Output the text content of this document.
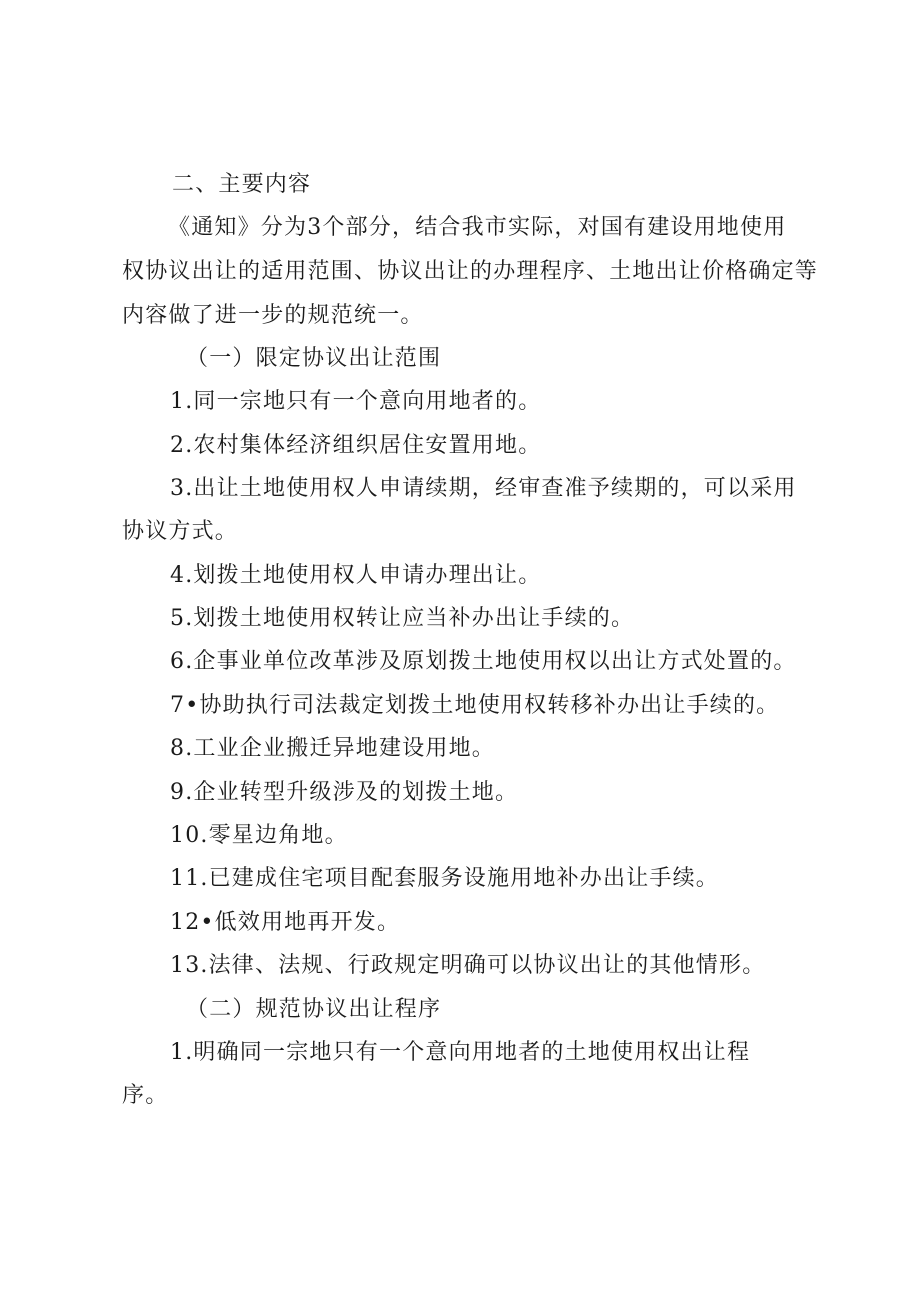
二、主要内容
《通知》分为3个部分，结合我市实际，对国有建设用地使用
权协议出让的适用范围、协议出让的办理程序、土地出让价格确定等
内容做了进一步的规范统一。
（一）限定协议出让范围
1.同一宗地只有一个意向用地者的。
2.农村集体经济组织居住安置用地。
3.出让土地使用权人申请续期，经审查准予续期的，可以采用
协议方式。
4.划拨土地使用权人申请办理出让。
5.划拨土地使用权转让应当补办出让手续的。
6.企事业单位改革涉及原划拨土地使用权以出让方式处置的。
7•协助执行司法裁定划拨土地使用权转移补办出让手续的。
8.工业企业搬迁异地建设用地。
9.企业转型升级涉及的划拨土地。
10.零星边角地。
11.已建成住宅项目配套服务设施用地补办出让手续。
12•低效用地再开发。
13.法律、法规、行政规定明确可以协议出让的其他情形。
（二）规范协议出让程序
1.明确同一宗地只有一个意向用地者的土地使用权出让程
序。
